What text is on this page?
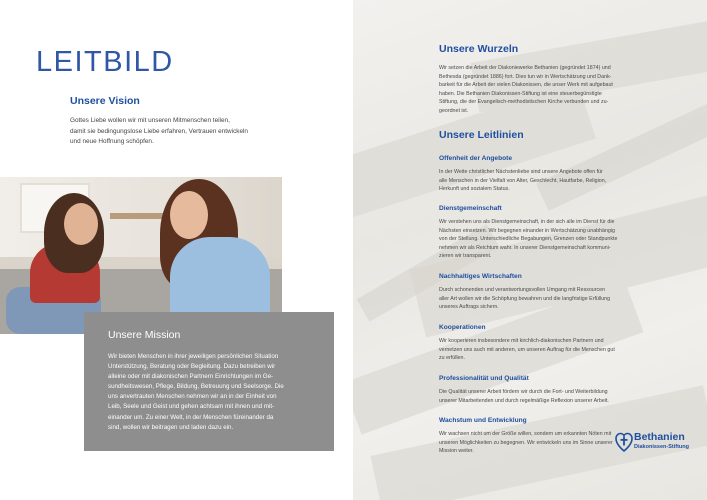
LEITBILD
Unsere Vision
Gottes Liebe wollen wir mit unseren Mitmenschen teilen,
damit sie bedingungslose Liebe erfahren, Vertrauen entwickeln
und neue Hoffnung schöpfen.
Unsere Mission
Wir bieten Menschen in ihrer jeweiligen persönlichen Situation
Unterstützung, Beratung oder Begleitung. Dazu betreiben wir
alleine oder mit diakonischen Partnern Einrichtungen im Ge-
sundheitswesen, Pflege, Bildung, Betreuung und Seelsorge. Die
uns anvertrauten Menschen nehmen wir an in der Einheit von
Leib, Seele und Geist und gehen achtsam mit ihnen und mit-
einander um. Zu einer Welt, in der Menschen füreinander da
sind, wollen wir beitragen und laden dazu ein.
Unsere Wurzeln
Wir setzen die Arbeit der Diakoniewerke Bethanien (gegründet 1874) und
Bethesda (gegründet 1886) fort. Dies tun wir in Wertschätzung und Dank-
barkeit für die Arbeit der vielen Diakonissen, die unser Werk mit aufgebaut
haben. Die Bethanien Diakonissen-Stiftung ist eine steuerbegünstigte
Stiftung, die der Evangelisch-methodistischen Kirche verbunden und zu-
geordnet ist.
Unsere Leitlinien
Offenheit der Angebote
In der Weite christlicher Nächstenliebe sind unsere Angebote offen für
alle Menschen in der Vielfalt von Alter, Geschlecht, Hautfarbe, Religion,
Herkunft und sozialem Status.
Dienstgemeinschaft
Wir verstehen uns als Dienstgemeinschaft, in der sich alle im Dienst für die
Nächsten einsetzen. Wir begegnen einander in Wertschätzung unabhängig
von der Stellung. Unterschiedliche Begabungen, Grenzen oder Standpunkte
nehmen wir als Reichtum wahr. In unserer Dienstgemeinschaft kommuni-
zieren wir transparent.
Nachhaltiges Wirtschaften
Durch schonenden und verantwortungsvollen Umgang mit Ressourcen
aller Art wollen wir die Schöpfung bewahren und die langfristige Erfüllung
unseres Auftrags sichern.
Kooperationen
Wir kooperieren insbesondere mit kirchlich-diakonischen Partnern und
vernetzen uns auch mit anderen, um unseren Auftrag für die Menschen gut
zu erfüllen.
Professionalität und Qualität
Die Qualität unserer Arbeit fördern wir durch die Fort- und Weiterbildung
unserer Mitarbeitenden und durch regelmäßige Reflexion unserer Arbeit.
Wachstum und Entwicklung
Wir wachsen nicht um der Größe willen, sondern um erkannten Nöten mit
unseren Möglichkeiten zu begegnen. Wir entwickeln uns im Sinne unserer
Mission weiter.
Bethanien
Diakonissen-Stiftung
